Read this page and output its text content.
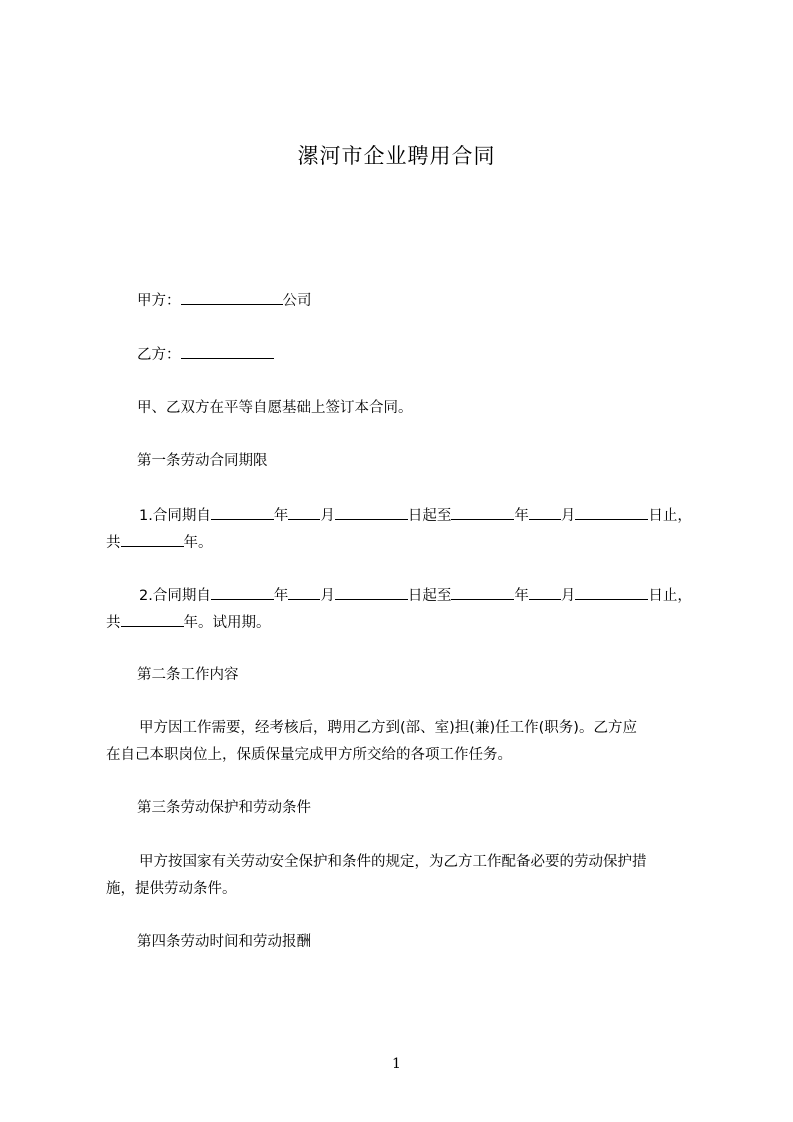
漯河市企业聘用合同
甲方：	公司
乙方：
甲、乙双方在平等自愿基础上签订本合同。
第一条劳动合同期限
1.合同期自	年 月	日起至	年 月	日止，
共	年。
2.合同期自	年 月	日起至	年 月	日止，
共	年。试用期。
第二条工作内容
甲方因工作需要，经考核后，聘用乙方到(部、室)担(兼)任工作(职务)。乙方应
在自己本职岗位上，保质保量完成甲方所交给的各项工作任务。
第三条劳动保护和劳动条件
甲方按国家有关劳动安全保护和条件的规定，为乙方工作配备必要的劳动保护措
施，提供劳动条件。
第四条劳动时间和劳动报酬
1
